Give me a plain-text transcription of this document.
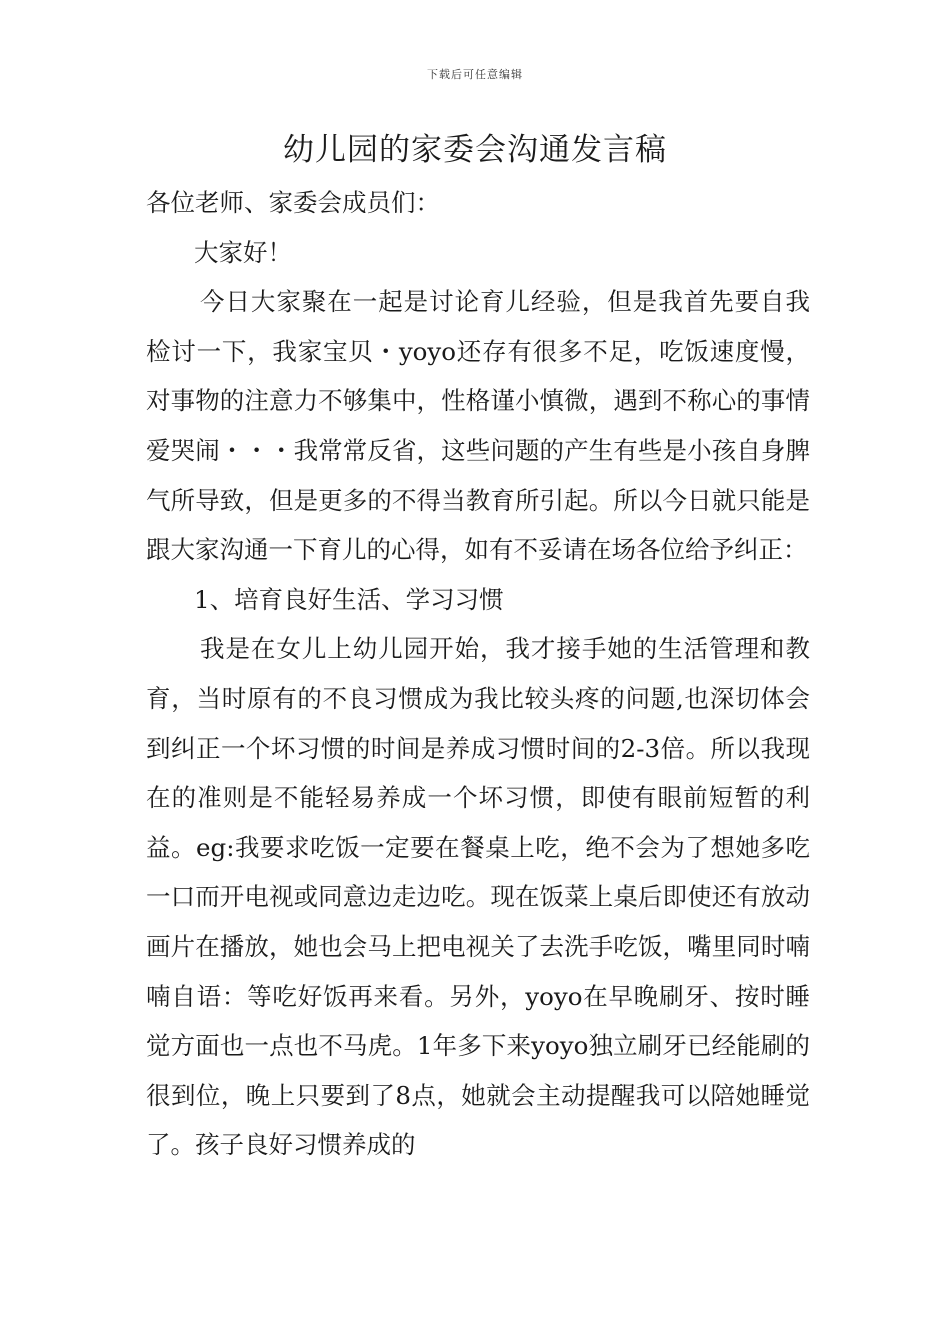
下载后可任意编辑
幼儿园的家委会沟通发言稿

各位老师、家委会成员们：

大家好！

今日大家聚在一起是讨论育儿经验，但是我首先要自我检讨一下，我家宝贝・yoyo还存有很多不足，吃饭速度慢，对事物的注意力不够集中，性格谨小慎微，遇到不称心的事情爱哭闹・・・我常常反省，这些问题的产生有些是小孩自身脾气所导致，但是更多的不得当教育所引起。所以今日就只能是跟大家沟通一下育儿的心得，如有不妥请在场各位给予纠正：

1、培育良好生活、学习习惯

我是在女儿上幼儿园开始，我才接手她的生活管理和教育，当时原有的不良习惯成为我比较头疼的问题,也深切体会到纠正一个坏习惯的时间是养成习惯时间的2-3倍。所以我现在的准则是不能轻易养成一个坏习惯，即使有眼前短暂的利益。eg:我要求吃饭一定要在餐桌上吃，绝不会为了想她多吃一口而开电视或同意边走边吃。现在饭菜上桌后即使还有放动画片在播放，她也会马上把电视关了去洗手吃饭，嘴里同时喃喃自语：等吃好饭再来看。另外，yoyo在早晚刷牙、按时睡觉方面也一点也不马虎。1年多下来yoyo独立刷牙已经能刷的很到位，晚上只要到了8点，她就会主动提醒我可以陪她睡觉了。孩子良好习惯养成的
